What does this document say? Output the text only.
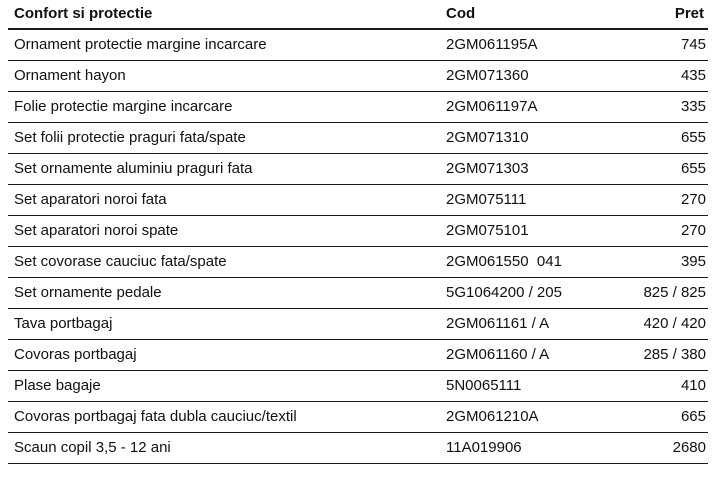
Confort si protectie	Cod	Pret
Ornament protectie margine incarcare	2GM061195A	745
Ornament hayon	2GM071360	435
Folie protectie margine incarcare	2GM061197A	335
Set folii protectie praguri fata/spate	2GM071310	655
Set ornamente aluminiu praguri fata	2GM071303	655
Set aparatori noroi fata	2GM075111	270
Set aparatori noroi spate	2GM075101	270
Set covorase cauciuc fata/spate	2GM061550  041	395
Set ornamente pedale	5G1064200 / 205	825 / 825
Tava portbagaj	2GM061161 / A	420 / 420
Covoras portbagaj	2GM061160 / A	285 / 380
Plase bagaje	5N0065111	410
Covoras portbagaj fata dubla cauciuc/textil	2GM061210A	665
Scaun copil 3,5 - 12 ani	11A019906	2680
